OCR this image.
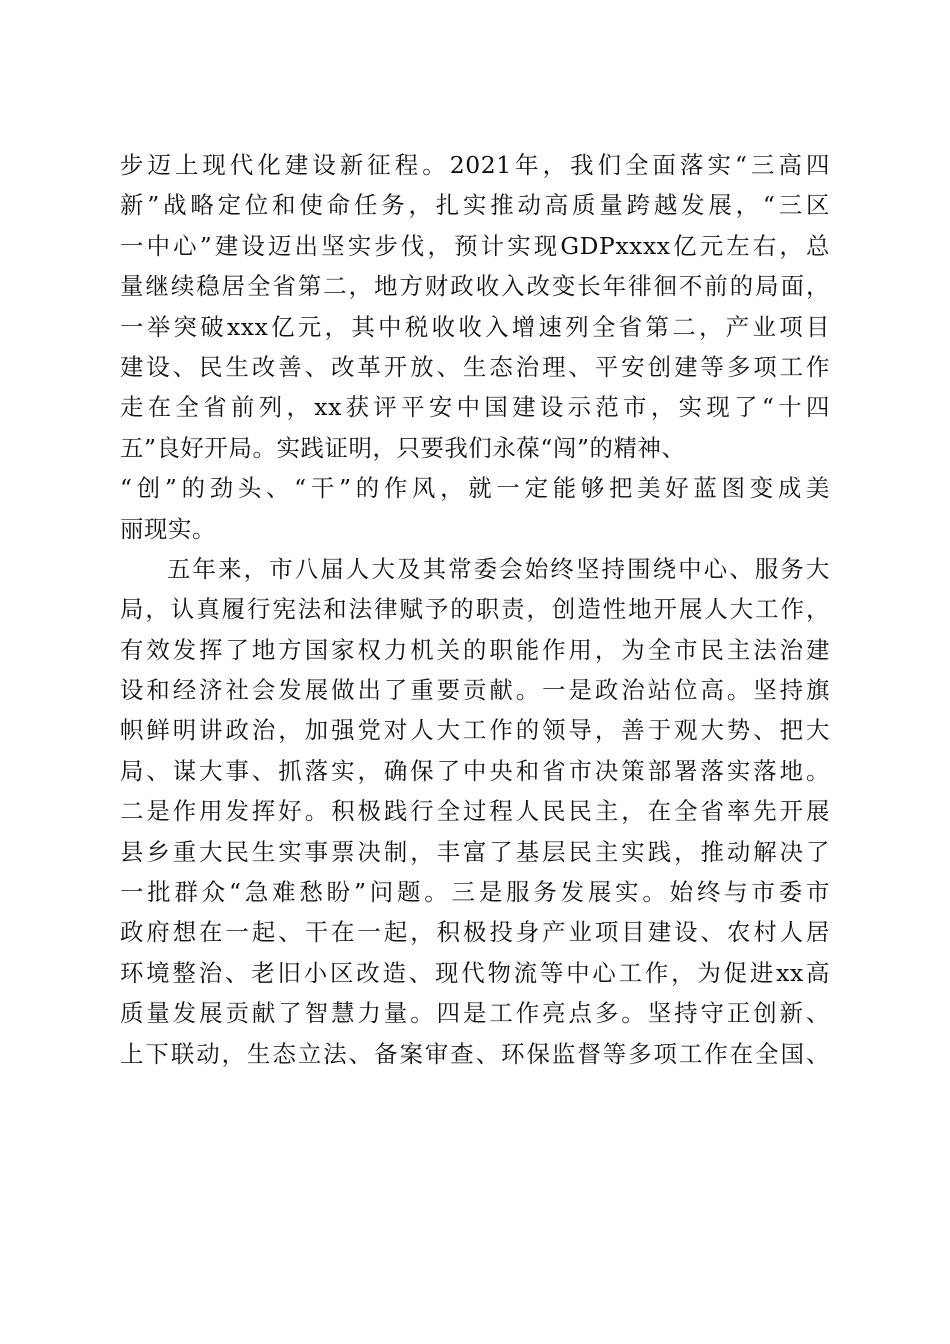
步迈上现代化建设新征程。2021年，我们全面落实“三高四
新”战略定位和使命任务，扎实推动高质量跨越发展，“三区
一中心”建设迈出坚实步伐，预计实现GDPxxxx亿元左右，总
量继续稳居全省第二，地方财政收入改变长年徘徊不前的局面，
一举突破xxx亿元，其中税收收入增速列全省第二，产业项目
建设、民生改善、改革开放、生态治理、平安创建等多项工作
走在全省前列，xx获评平安中国建设示范市，实现了“十四
五”良好开局。实践证明，只要我们永葆“闯”的精神、
“创”的劲头、“干”的作风，就一定能够把美好蓝图变成美
丽现实。
五年来，市八届人大及其常委会始终坚持围绕中心、服务大
局，认真履行宪法和法律赋予的职责，创造性地开展人大工作，
有效发挥了地方国家权力机关的职能作用，为全市民主法治建
设和经济社会发展做出了重要贡献。一是政治站位高。坚持旗
帜鲜明讲政治，加强党对人大工作的领导，善于观大势、把大
局、谋大事、抓落实，确保了中央和省市决策部署落实落地。
二是作用发挥好。积极践行全过程人民民主，在全省率先开展
县乡重大民生实事票决制，丰富了基层民主实践，推动解决了
一批群众“急难愁盼”问题。三是服务发展实。始终与市委市
政府想在一起、干在一起，积极投身产业项目建设、农村人居
环境整治、老旧小区改造、现代物流等中心工作，为促进xx高
质量发展贡献了智慧力量。四是工作亮点多。坚持守正创新、
上下联动，生态立法、备案审查、环保监督等多项工作在全国、
